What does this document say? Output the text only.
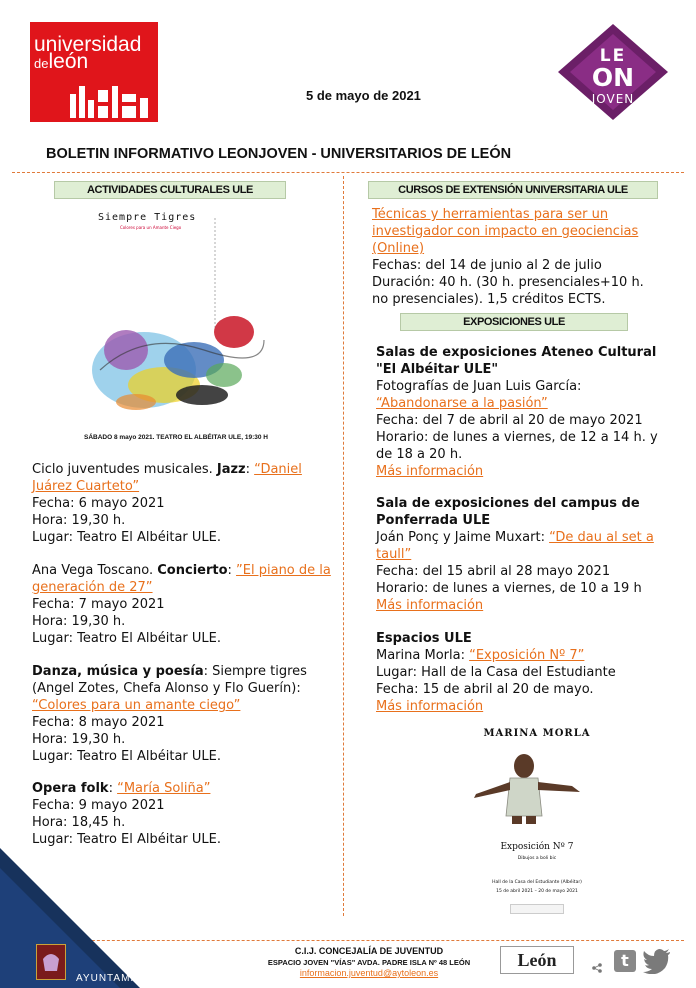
universidad
deleón	LE
ON
JOVEN
5 de mayo de 2021
BOLETIN INFORMATIVO LEONJOVEN - UNIVERSITARIOS DE LEÓN
ACTIVIDADES CULTURALES ULE
Siempre Tigres
Colores para un Amante Ciego
SÁBADO 8 mayo 2021. TEATRO EL ALBÉITAR ULE, 19:30 H

Ciclo juventudes musicales. Jazz: “Daniel Juárez Cuarteto”

Fecha: 6 mayo 2021

Hora: 19,30 h.

Lugar: Teatro El Albéitar ULE.

Ana Vega Toscano. Concierto: ”El piano de la generación de 27”

Fecha: 7 mayo 2021

Hora: 19,30 h.

Lugar: Teatro El Albéitar ULE.

Danza, música y poesía: Siempre tigres (Angel Zotes, Chefa Alonso y Flo Guerín):

“Colores para un amante ciego”

Fecha: 8 mayo 2021

Hora: 19,30 h.

Lugar: Teatro El Albéitar ULE.

Opera folk: “María Soliña”

Fecha: 9 mayo 2021

Hora: 18,45 h.

Lugar: Teatro El Albéitar ULE.

CURSOS DE EXTENSIÓN UNIVERSITARIA ULE

Técnicas y herramientas para ser un investigador con impacto en geociencias (Online)

Fechas: del 14 de junio al 2 de julio

Duración: 40 h. (30 h. presenciales+10 h. no presenciales). 1,5 créditos ECTS.

EXPOSICIONES ULE

Salas de exposiciones Ateneo Cultural "El Albéitar ULE"

Fotografías de Juan Luis García:

“Abandonarse a la pasión”

Fecha: del 7 de abril al 20 de mayo 2021

Horario: de lunes a viernes, de 12 a 14 h. y de 18 a 20 h.

Más información

Sala de exposiciones del campus de Ponferrada ULE

Joán Ponç y Jaime Muxart: “De dau al set a taull”

Fecha: del 15 abril al 28 mayo 2021

Horario: de lunes a viernes, de 10 a 19 h

Más información

Espacios ULE

Marina Morla: “Exposición Nº 7”

Lugar: Hall de la Casa del Estudiante

Fecha: 15 de abril al 20 de mayo.

Más información

MARINA MORLA
Exposición Nº 7
Dibujos a boli bic
Hall de la Casa del Estudiante (Albéitar)
15 de abril 2021 – 20 de mayo 2021
AYUNTAMIENTO DE LEON
C.I.J. CONCEJALÍA DE JUVENTUD
ESPACIO JOVEN "VÍAS" AVDA. PADRE ISLA Nº 48 LEÓN
informacion.juventud@aytoleon.es
León	t
